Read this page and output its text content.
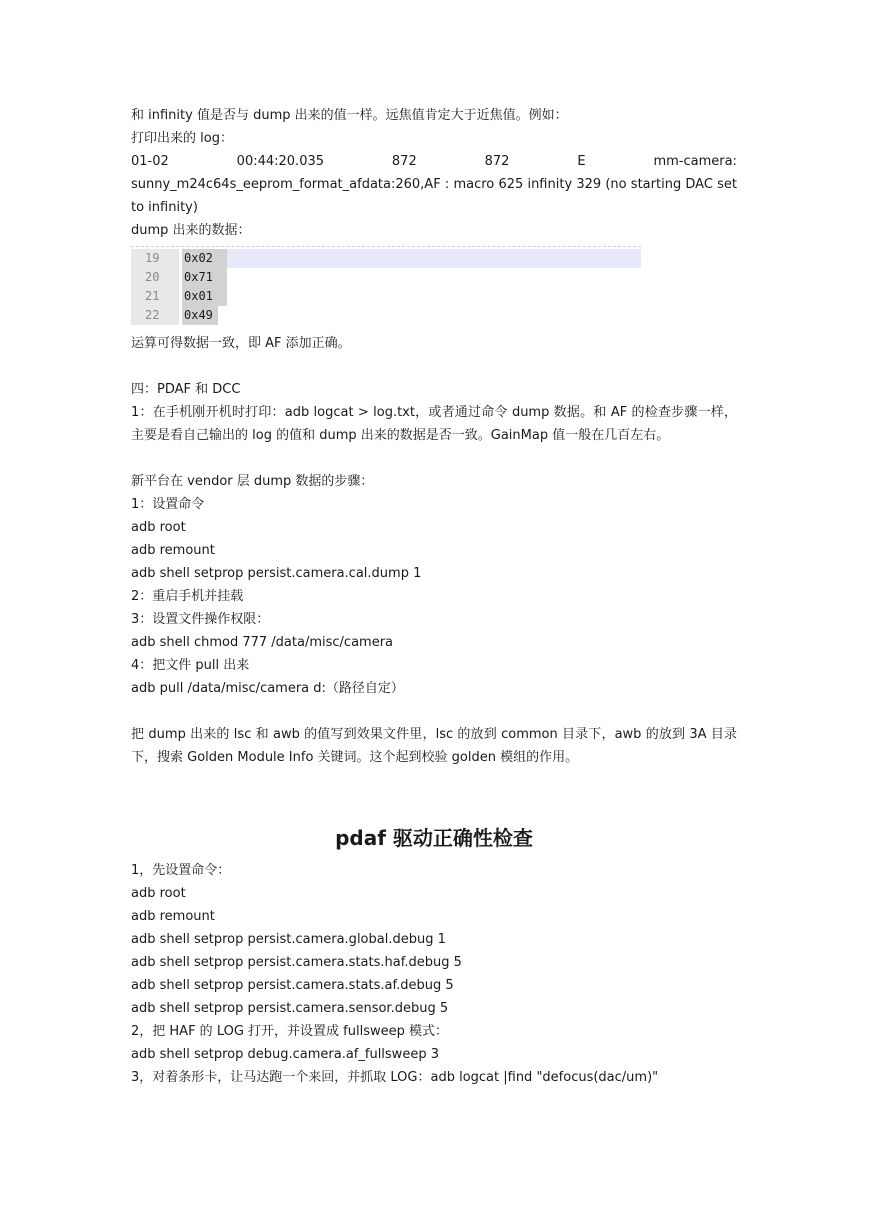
和 infinity 值是否与 dump 出来的值一样。远焦值肯定大于近焦值。例如：
打印出来的 log：
01-02	00:44:20.035	872	872	E	mm-camera:
sunny_m24c64s_eeprom_format_afdata:260,AF : macro 625 infinity 329 (no starting DAC set to infinity)
dump 出来的数据：
19	0x02
20	0x71
21	0x01
22	0x49
运算可得数据一致，即 AF 添加正确。
四：PDAF 和 DCC
1：在手机刚开机时打印：adb logcat > log.txt，或者通过命令 dump 数据。和 AF 的检查步骤一样，主要是看自己输出的 log 的值和 dump 出来的数据是否一致。GainMap 值一般在几百左右。
新平台在 vendor 层 dump 数据的步骤：
1：设置命令
adb root
adb remount
adb shell setprop persist.camera.cal.dump 1
2：重启手机并挂载
3：设置文件操作权限：
adb shell chmod 777 /data/misc/camera
4：把文件 pull 出来
adb pull /data/misc/camera d:（路径自定）
把 dump 出来的 lsc 和 awb 的值写到效果文件里，lsc 的放到 common 目录下，awb 的放到 3A 目录下，搜索 Golden Module Info 关键词。这个起到校验 golden 模组的作用。
pdaf 驱动正确性检查
1，先设置命令：
adb root
adb remount
adb shell setprop persist.camera.global.debug 1
adb shell setprop persist.camera.stats.haf.debug 5
adb shell setprop persist.camera.stats.af.debug 5
adb shell setprop persist.camera.sensor.debug 5
2，把 HAF 的 LOG 打开，并设置成 fullsweep 模式：
adb shell setprop debug.camera.af_fullsweep 3
3，对着条形卡，让马达跑一个来回，并抓取 LOG：adb logcat |find "defocus(dac/um)"
